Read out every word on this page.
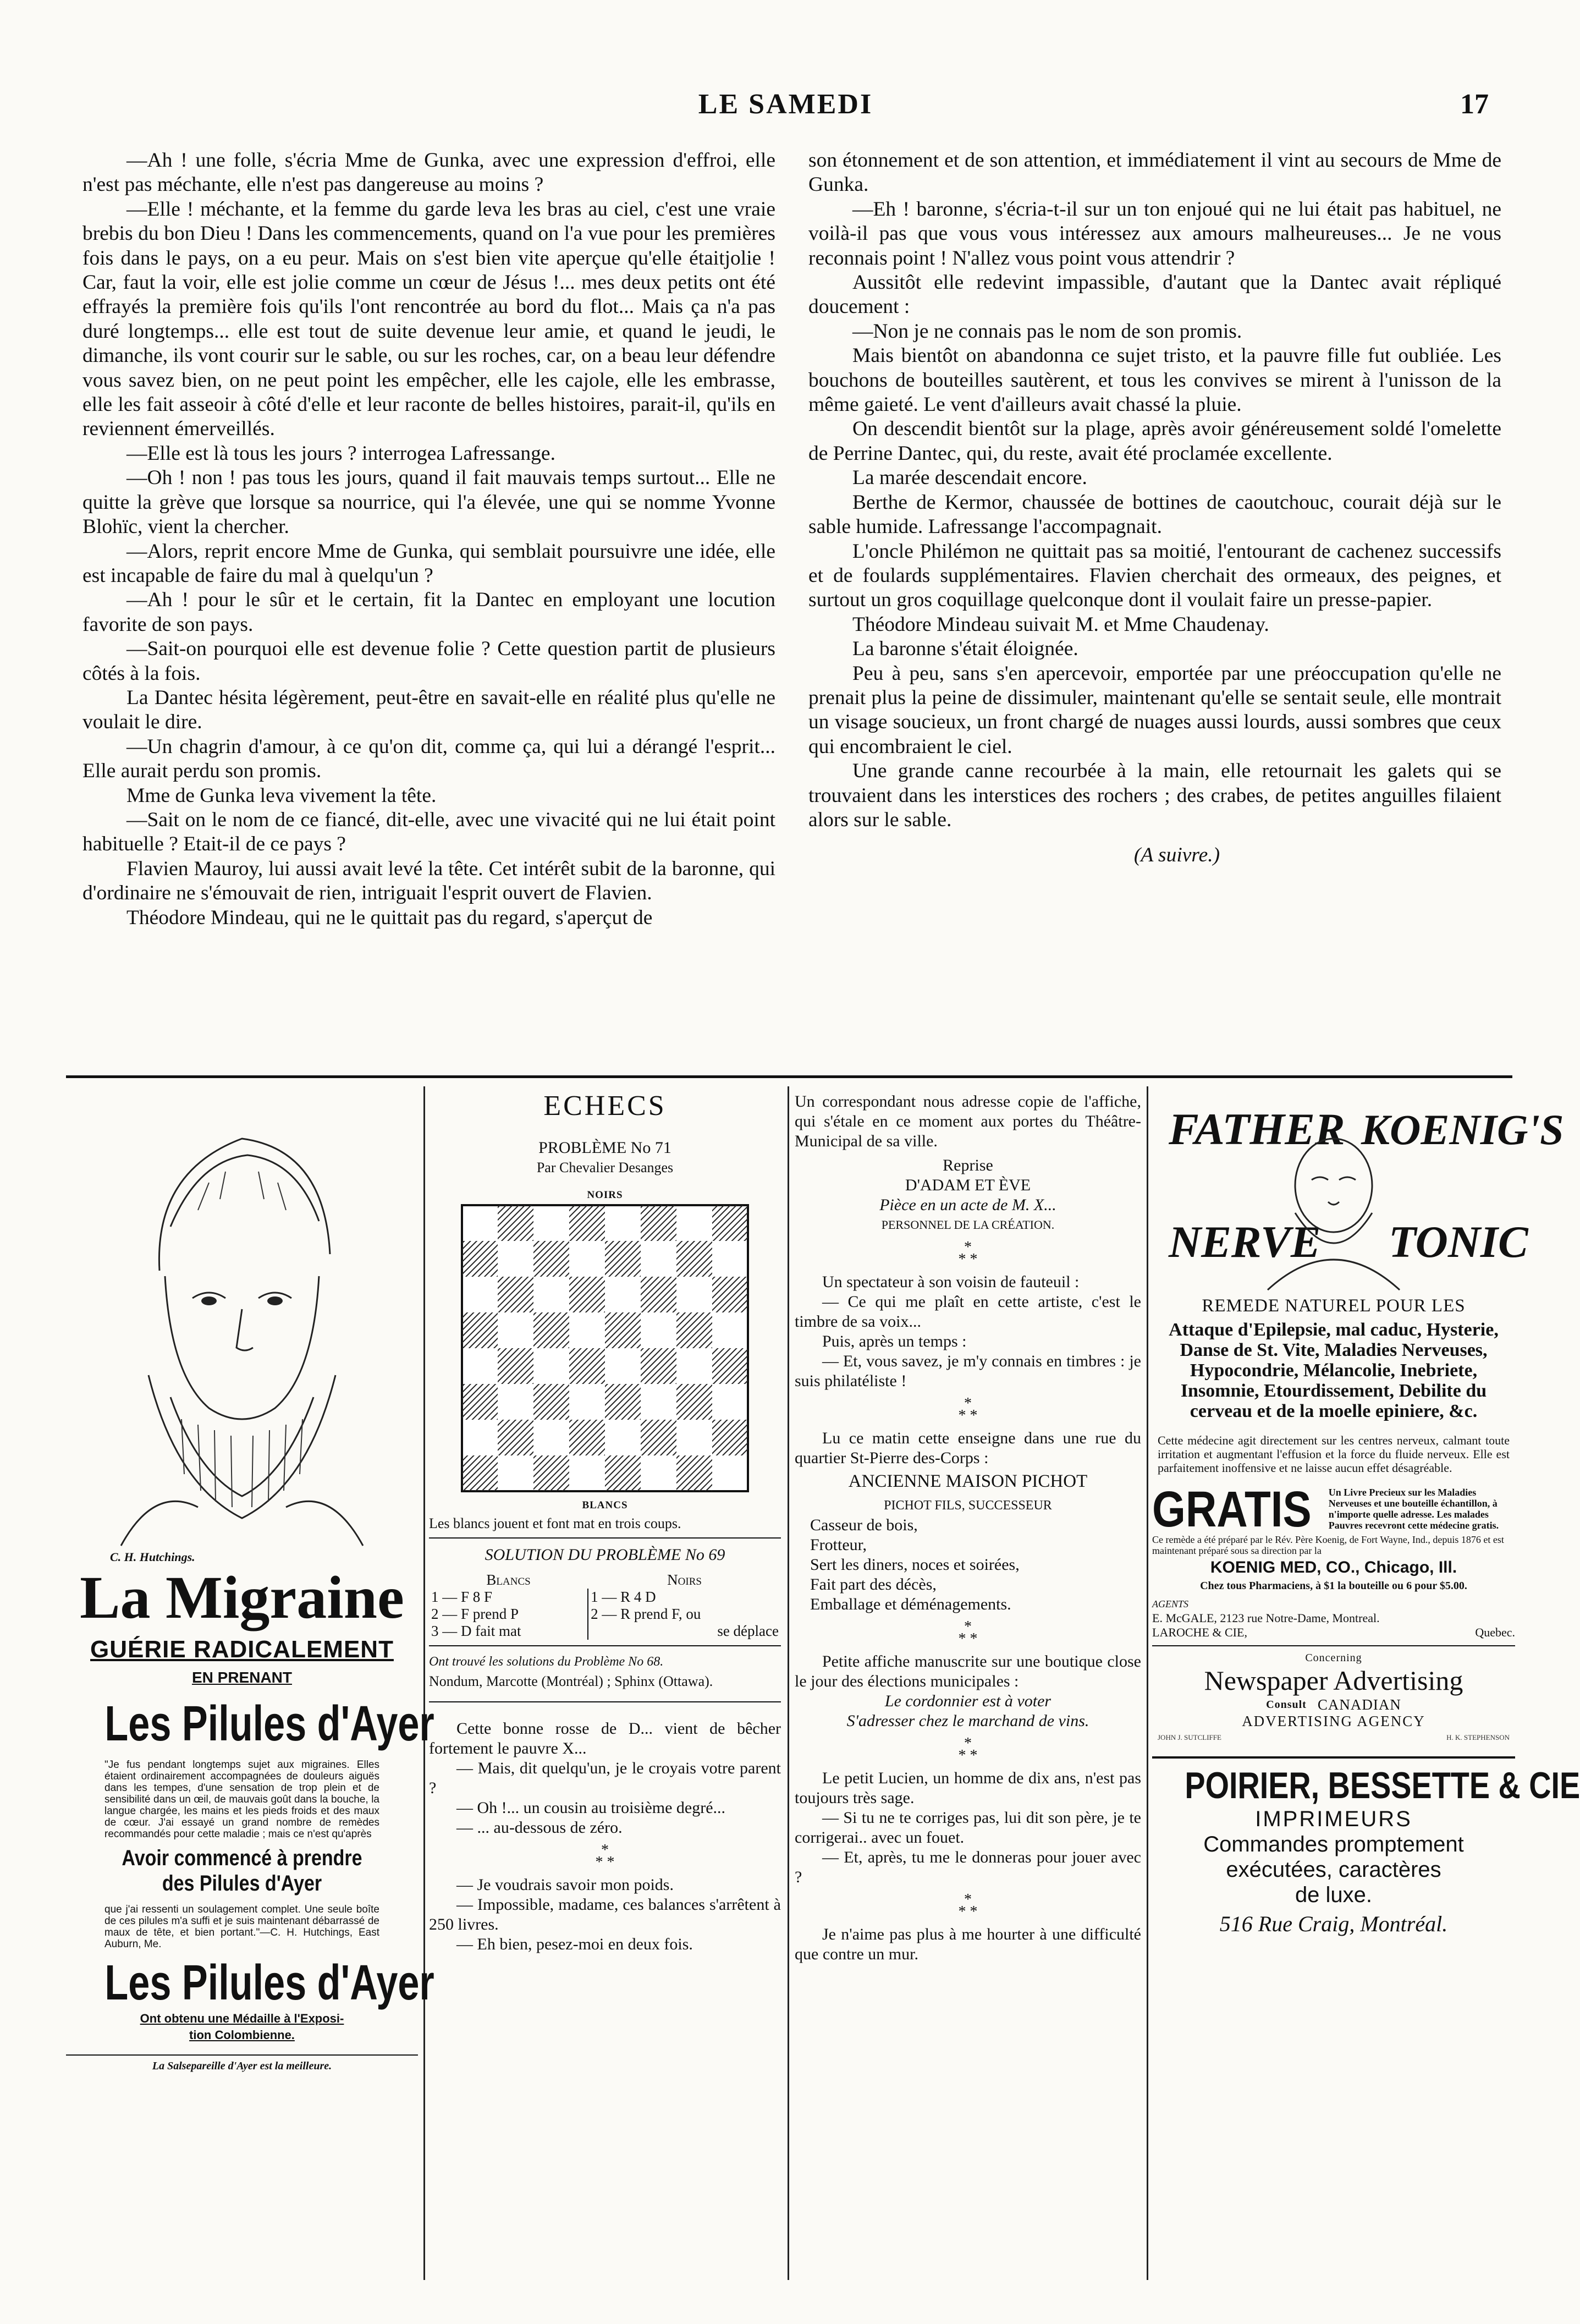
LE SAMEDI	17

—Ah ! une folle, s'écria Mme de Gunka, avec une expression d'effroi, elle n'est pas méchante, elle n'est pas dangereuse au moins ?

—Elle ! méchante, et la femme du garde leva les bras au ciel, c'est une vraie brebis du bon Dieu ! Dans les commencements, quand on l'a vue pour les premières fois dans le pays, on a eu peur. Mais on s'est bien vite aperçue qu'elle étaitjolie ! Car, faut la voir, elle est jolie comme un cœur de Jésus !... mes deux petits ont été effrayés la première fois qu'ils l'ont rencontrée au bord du flot... Mais ça n'a pas duré longtemps... elle est tout de suite devenue leur amie, et quand le jeudi, le dimanche, ils vont courir sur le sable, ou sur les roches, car, on a beau leur défendre vous savez bien, on ne peut point les empêcher, elle les cajole, elle les embrasse, elle les fait asseoir à côté d'elle et leur raconte de belles histoires, parait-il, qu'ils en reviennent émerveillés.

—Elle est là tous les jours ? interrogea Lafressange.

—Oh ! non ! pas tous les jours, quand il fait mauvais temps surtout... Elle ne quitte la grève que lorsque sa nourrice, qui l'a élevée, une qui se nomme Yvonne Blohïc, vient la chercher.

—Alors, reprit encore Mme de Gunka, qui semblait poursuivre une idée, elle est incapable de faire du mal à quelqu'un ?

—Ah ! pour le sûr et le certain, fit la Dantec en employant une locution favorite de son pays.

—Sait-on pourquoi elle est devenue folie ? Cette question partit de plusieurs côtés à la fois.

La Dantec hésita légèrement, peut-être en savait-elle en réalité plus qu'elle ne voulait le dire.

—Un chagrin d'amour, à ce qu'on dit, comme ça, qui lui a dérangé l'esprit... Elle aurait perdu son promis.

Mme de Gunka leva vivement la tête.

—Sait on le nom de ce fiancé, dit-elle, avec une vivacité qui ne lui était point habituelle ? Etait-il de ce pays ?

Flavien Mauroy, lui aussi avait levé la tête. Cet intérêt subit de la baronne, qui d'ordinaire ne s'émouvait de rien, intriguait l'esprit ouvert de Flavien.

Théodore Mindeau, qui ne le quittait pas du regard, s'aperçut de

son étonnement et de son attention, et immédiatement il vint au secours de Mme de Gunka.

—Eh ! baronne, s'écria-t-il sur un ton enjoué qui ne lui était pas habituel, ne voilà-il pas que vous vous intéressez aux amours malheureuses... Je ne vous reconnais point ! N'allez vous point vous attendrir ?

Aussitôt elle redevint impassible, d'autant que la Dantec avait répliqué doucement :

—Non je ne connais pas le nom de son promis.

Mais bientôt on abandonna ce sujet tristo, et la pauvre fille fut oubliée. Les bouchons de bouteilles sautèrent, et tous les convives se mirent à l'unisson de la même gaieté. Le vent d'ailleurs avait chassé la pluie.

On descendit bientôt sur la plage, après avoir généreusement soldé l'omelette de Perrine Dantec, qui, du reste, avait été proclamée excellente.

La marée descendait encore.

Berthe de Kermor, chaussée de bottines de caoutchouc, courait déjà sur le sable humide. Lafressange l'accompagnait.

L'oncle Philémon ne quittait pas sa moitié, l'entourant de cachenez successifs et de foulards supplémentaires. Flavien cherchait des ormeaux, des peignes, et surtout un gros coquillage quelconque dont il voulait faire un presse-papier.

Théodore Mindeau suivait M. et Mme Chaudenay.

La baronne s'était éloignée.

Peu à peu, sans s'en apercevoir, emportée par une préoccupation qu'elle ne prenait plus la peine de dissimuler, maintenant qu'elle se sentait seule, elle montrait un visage soucieux, un front chargé de nuages aussi lourds, aussi sombres que ceux qui encombraient le ciel.

Une grande canne recourbée à la main, elle retournait les galets qui se trouvaient dans les interstices des rochers ; des crabes, de petites anguilles filaient alors sur le sable.

(A suivre.)

C. H. Hutchings.
La Migraine
GUÉRIE RADICALEMENT
EN PRENANT
Les Pilules d'Ayer
"Je fus pendant longtemps sujet aux migraines. Elles étaient ordinairement accompagnées de douleurs aiguës dans les tempes, d'une sensation de trop plein et de sensibilité dans un œil, de mauvais goût dans la bouche, la langue chargée, les mains et les pieds froids et des maux de cœur. J'ai essayé un grand nombre de remèdes recommandés pour cette maladie ; mais ce n'est qu'après
Avoir commencé à prendre
des Pilules d'Ayer
que j'ai ressenti un soulagement complet. Une seule boîte de ces pilules m'a suffi et je suis maintenant débarrassé de maux de tête, et bien portant."—C. H. Hutchings, East Auburn, Me.
Les Pilules d'Ayer
Ont obtenu une Médaille à l'Exposi-
tion Colombienne.
La Salsepareille d'Ayer est la meilleure.
ECHECS
PROBLÈME No 71
Par Chevalier Desanges
NOIRS
BLANCS

Les blancs jouent et font mat en trois coups.

SOLUTION DU PROBLÈME No 69
Blancs	Noirs
1 — F 8 F	1 — R 4 D
2 — F prend P	2 — R prend F, ou
3 — D fait mat	se déplace

Ont trouvé les solutions du Problème No 68.

Nondum, Marcotte (Montréal) ; Sphinx (Ottawa).

Cette bonne rosse de D... vient de bêcher fortement le pauvre X...

— Mais, dit quelqu'un, je le croyais votre parent ?

— Oh !... un cousin au troisième degré...

— ... au-dessous de zéro.

*
* *

— Je voudrais savoir mon poids.

— Impossible, madame, ces balances s'arrêtent à 250 livres.

— Eh bien, pesez-moi en deux fois.

Un correspondant nous adresse copie de l'affiche, qui s'étale en ce moment aux portes du Théâtre-Municipal de sa ville.

Reprise

D'ADAM ET ÈVE

Pièce en un acte de M. X...

PERSONNEL DE LA CRÉATION.

*
* *

Un spectateur à son voisin de fauteuil :

— Ce qui me plaît en cette artiste, c'est le timbre de sa voix...

Puis, après un temps :

— Et, vous savez, je m'y connais en timbres : je suis philatéliste !

*
* *

Lu ce matin cette enseigne dans une rue du quartier St-Pierre des-Corps :

ANCIENNE MAISON PICHOT

PICHOT FILS, SUCCESSEUR

Casseur de bois,

Frotteur,

Sert les diners, noces et soirées,

Fait part des décès,

Emballage et déménagements.

*
* *

Petite affiche manuscrite sur une boutique close le jour des élections municipales :

Le cordonnier est à voter

S'adresser chez le marchand de vins.

*
* *

Le petit Lucien, un homme de dix ans, n'est pas toujours très sage.

— Si tu ne te corriges pas, lui dit son père, je te corrigerai.. avec un fouet.

— Et, après, tu me le donneras pour jouer avec ?

*
* *

Je n'aime pas plus à me hourter à une difficulté que contre un mur.

FATHER KOENIG'S
NERVE TONIC
REMEDE NATUREL POUR LES
Attaque d'Epilepsie, mal caduc, Hysterie, Danse de St. Vite, Maladies Nerveuses, Hypocondrie, Mélancolie, Inebriete, Insomnie, Etourdissement, Debilite du cerveau et de la moelle epiniere, &c.
Cette médecine agit directement sur les centres nerveux, calmant toute irritation et augmentant l'effusion et la force du fluide nerveux. Elle est parfaitement inoffensive et ne laisse aucun effet désagréable.
GRATIS Un Livre Precieux sur les Maladies Nerveuses et une bouteille échantillon, à n'importe quelle adresse. Les malades Pauvres recevront cette médecine gratis.
Ce remède a été préparé par le Rév. Père Koenig, de Fort Wayne, Ind., depuis 1876 et est maintenant préparé sous sa direction par la
KOENIG MED, CO., Chicago, Ill.
Chez tous Pharmaciens, à $1 la bouteille ou 6 pour $5.00.
AGENTS
E. McGALE, 2123 rue Notre-Dame, Montreal.
LAROCHE & CIE,	Quebec.
Concerning
Newspaper Advertising
Consult CANADIAN
ADVERTISING AGENCY
JOHN J. SUTCLIFFE	H. K. STEPHENSON
POIRIER, BESSETTE & CIE
IMPRIMEURS
Commandes promptement
exécutées, caractères
de luxe.
516 Rue Craig, Montréal.
